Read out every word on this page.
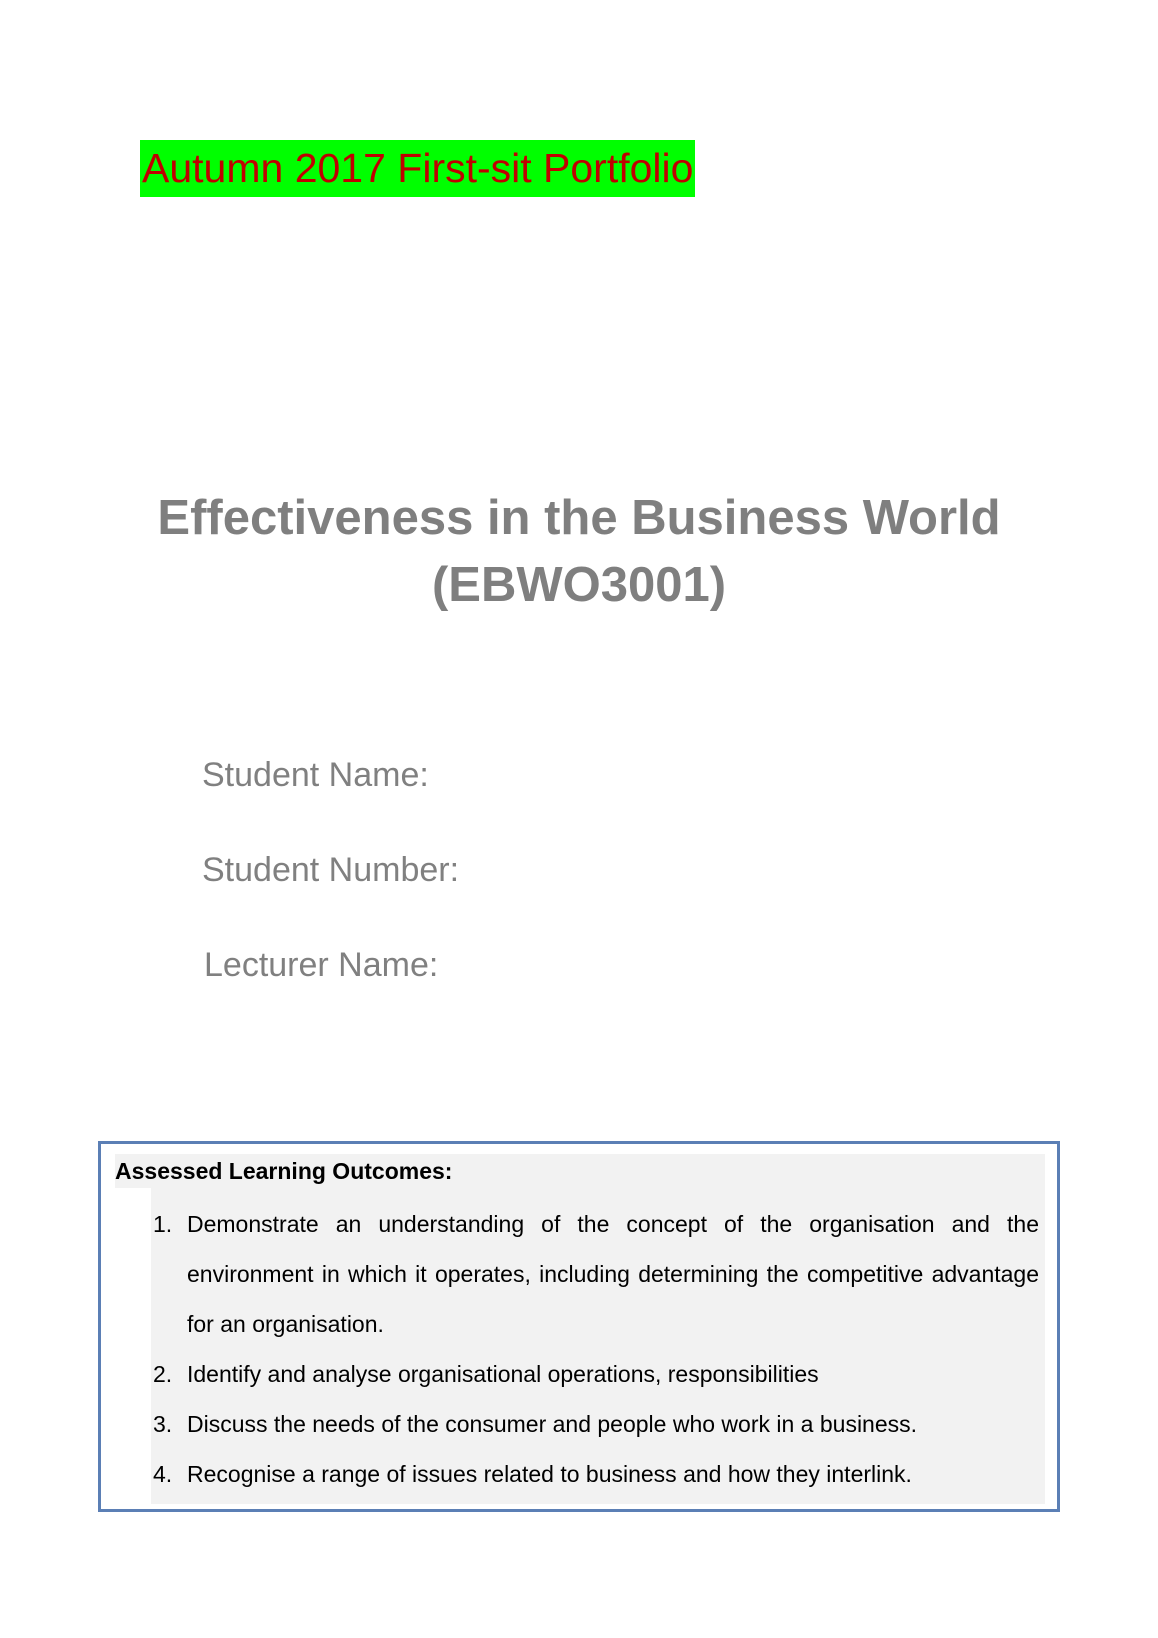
Autumn 2017 First-sit Portfolio
Effectiveness in the Business World
(EBWO3001)
Student Name:
Student Number:
Lecturer Name:
Assessed Learning Outcomes:
1. Demonstrate an understanding of the concept of the organisation and the environment in which it operates, including determining the competitive advantage for an organisation.
2. Identify and analyse organisational operations, responsibilities
3. Discuss the needs of the consumer and people who work in a business.
4. Recognise a range of issues related to business and how they interlink.
